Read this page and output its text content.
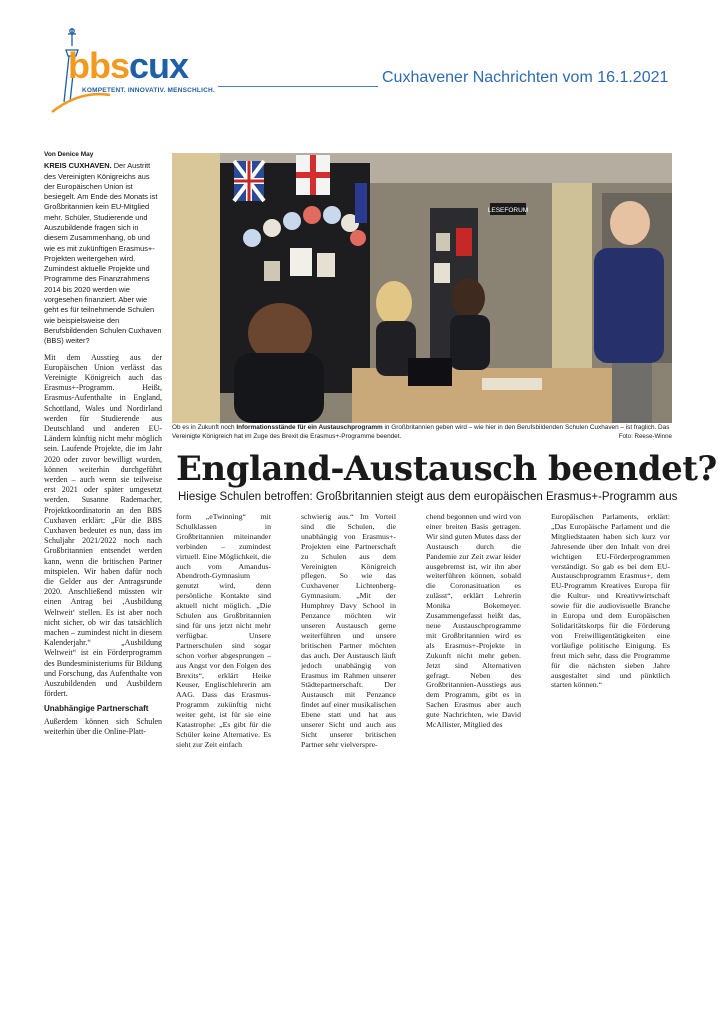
bbscux
KOMPETENT. INNOVATIV. MENSCHLICH.
Cuxhavener Nachrichten vom 16.1.2021
Von Denice May
KREIS CUXHAVEN. Der Austritt des Vereinigten Königreichs aus der Europäischen Union ist besiegelt. Am Ende des Monats ist Großbritannien kein EU-Mitglied mehr. Schüler, Studierende und Auszubildende fragen sich in diesem Zusammenhang, ob und wie es mit zukünftigen Erasmus+-Projekten weitergehen wird. Zumindest aktuelle Projekte und Programme des Finanzrahmens 2014 bis 2020 werden wie vorgesehen finanziert. Aber wie geht es für teilnehmende Schulen wie beispielsweise den Berufsbildenden Schulen Cuxhaven (BBS) weiter?

Mit dem Ausstieg aus der Europäischen Union verlässt das Vereinigte Königreich auch das Erasmus+-Programm. Heißt, Erasmus-Aufenthalte in England, Schottland, Wales und Nordirland werden für Studierende aus Deutschland und anderen EU-Ländern künftig nicht mehr möglich sein. Laufende Projekte, die im Jahr 2020 oder zuvor bewilligt wurden, können weiterhin durchgeführt werden – auch wenn sie teilweise erst 2021 oder später umgesetzt werden. Susanne Rademacher, Projektkoordinatorin an den BBS Cuxhaven erklärt: „Für die BBS Cuxhaven bedeutet es nun, dass im Schuljahr 2021/2022 noch nach Großbritannien entsendet werden kann, wenn die britischen Partner mitspielen. Wir haben dafür noch die Gelder aus der Antragsrunde 2020. Anschließend müssten wir einen Antrag bei ‚Ausbildung Weltweit‘ stellen. Es ist aber noch nicht sicher, ob wir das tatsächlich machen – zumindest nicht in diesem Kalenderjahr.“ „Ausbildung Weltweit“ ist ein Förderprogramm des Bundesministeriums für Bildung und Forschung, das Aufenthalte von Auszubildenden und Ausbildern fördert.

Unabhängige Partnerschaft

Außerdem können sich Schulen weiterhin über die Online-Platt-

LESEFORUM
Ob es in Zukunft noch Informationsstände für ein Austauschprogramm in Großbritannien geben wird – wie hier in den Berufsbildenden Schulen Cuxhaven – ist fraglich. Das Vereinigte Königreich hat im Zuge des Brexit die Erasmus+-Programme beendet.	Foto: Reese-Winne
England-Austausch beendet?
Hiesige Schulen betroffen: Großbritannien steigt aus dem europäischen Erasmus+-Programm aus

form „eTwinning“ mit Schulklassen in Großbritannien miteinander verbinden – zumindest virtuell. Eine Möglichkeit, die auch vom Amandus-Abendroth-Gymnasium genutzt wird, denn persönliche Kontakte sind aktuell nicht möglich. „Die Schulen aus Großbritannien sind für uns jetzt nicht mehr verfügbar. Unsere Partnerschulen sind sogar schon vorher abgesprungen – aus Angst vor den Folgen des Brexits“, erklärt Heike Keuser, Englischlehrerin am AAG. Dass das Erasmus-Programm zukünftig nicht weiter geht, ist für sie eine Katastrophe: „Es gibt für die Schüler keine Alternative. Es sieht zur Zeit einfach

schwierig aus.“ Im Vorteil sind die Schulen, die unabhängig von Erasmus+-Projekten eine Partnerschaft zu Schulen aus dem Vereinigten Königreich pflegen. So wie das Cuxhavener Lichtenberg-Gymnasium. „Mit der Humphrey Davy School in Penzance möchten wir unseren Austausch gerne weiterführen und unsere britischen Partner möchten das auch. Der Austausch läuft jedoch unabhängig von Erasmus im Rahmen unserer Städtepartnerschaft. Der Austausch mit Penzance findet auf einer musikalischen Ebene statt und hat aus unserer Sicht und auch aus Sicht unserer britischen Partner sehr vielverspre-

chend begonnen und wird von einer breiten Basis getragen. Wir sind guten Mutes dass der Austausch durch die Pandemie zur Zeit zwar leider ausgebremst ist, wir ihn aber weiterführen können, sobald die Coronasituation es zulässt“, erklärt Lehrerin Monika Bokemeyer. Zusammengefasst heißt das, neue Austauschprogramme mit Großbritannien wird es als Erasmus+-Projekte in Zukunft nicht mehr geben. Jetzt sind Alternativen gefragt. Neben des Großbritannien-Ausstiegs aus dem Programm, gibt es in Sachen Erasmus aber auch gute Nachrichten, wie David McAllister, Mitglied des

Europäischen Parlaments, erklärt: „Das Europäische Parlament und die Mitgliedstaaten haben sich kurz vor Jahresende über den Inhalt von drei wichtigen EU-Förderprogrammen verständigt. So gab es bei dem EU-Austauschprogramm Erasmus+, dem EU-Programm Kreatives Europa für die Kultur- und Kreativwirtschaft sowie für die audiovisuelle Branche in Europa und dem Europäischen Solidaritätskorps für die Förderung von Freiwilligentätigkeiten eine vorläufige politische Einigung. Es freut mich sehr, dass die Programme für die nächsten sieben Jahre ausgestaltet sind und pünktlich starten können.“
